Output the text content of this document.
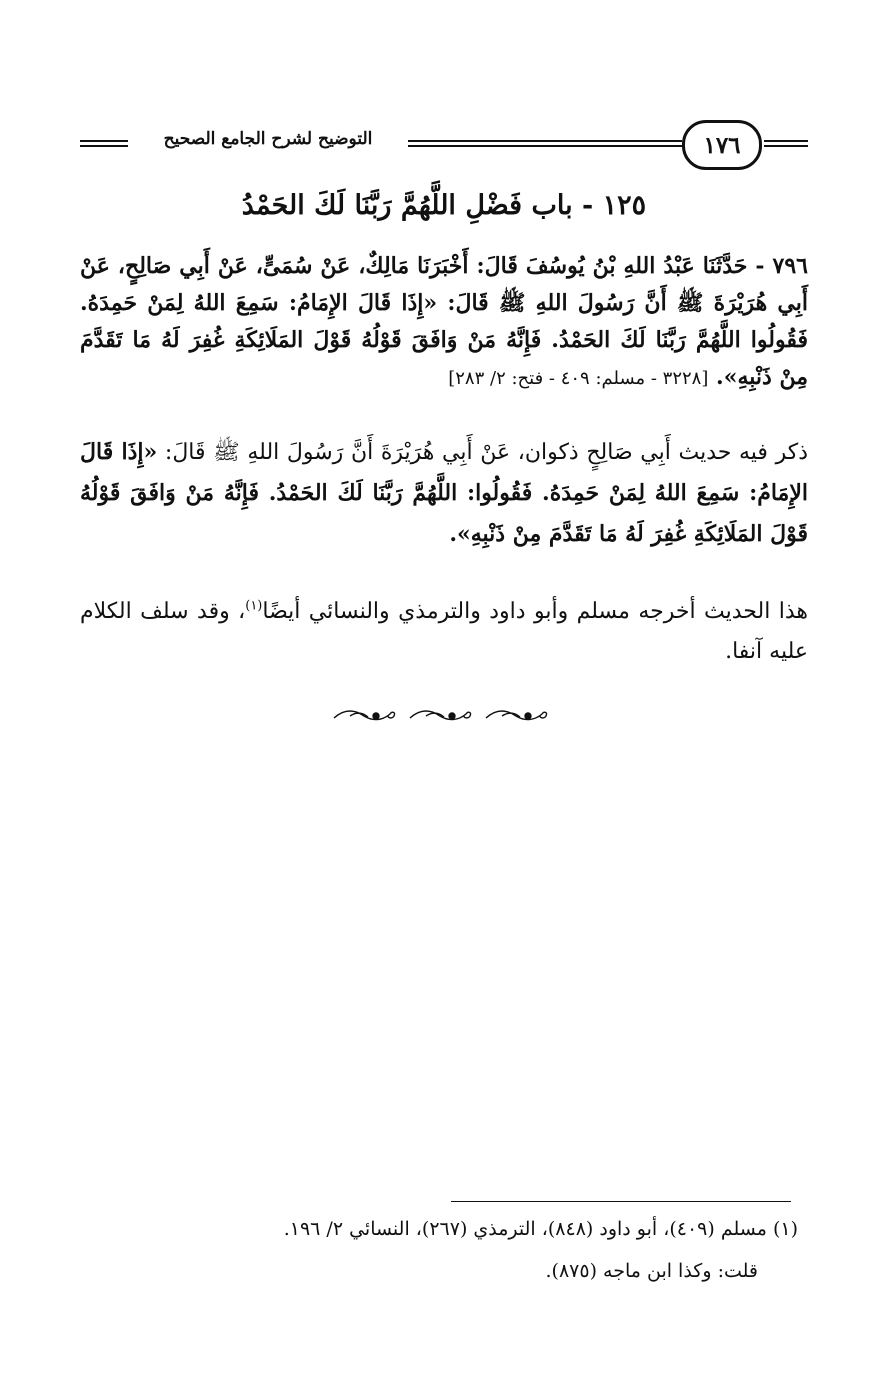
١٧٦
التوضيح لشرح الجامع الصحيح
١٢٥ - باب فَضْلِ اللَّهُمَّ رَبَّنَا لَكَ الحَمْدُ

٧٩٦ - حَدَّثَنَا عَبْدُ اللهِ بْنُ يُوسُفَ قَالَ: أَخْبَرَنَا مَالِكٌ، عَنْ سُمَىٍّ، عَنْ أَبِي صَالِحٍ، عَنْ أَبِي هُرَيْرَةَ ﷺ أَنَّ رَسُولَ اللهِ ﷺ قَالَ: «إِذَا قَالَ الإِمَامُ: سَمِعَ اللهُ لِمَنْ حَمِدَهُ. فَقُولُوا اللَّهُمَّ رَبَّنَا لَكَ الحَمْدُ. فَإِنَّهُ مَنْ وَافَقَ قَوْلُهُ قَوْلَ المَلَائِكَةِ غُفِرَ لَهُ مَا تَقَدَّمَ مِنْ ذَنْبِهِ». [٣٢٢٨ - مسلم: ٤٠٩ - فتح: ٢/ ٢٨٣]

ذكر فيه حديث أَبِي صَالِحٍ ذكوان، عَنْ أَبِي هُرَيْرَةَ أَنَّ رَسُولَ اللهِ ﷺ قَالَ: «إِذَا قَالَ الإِمَامُ: سَمِعَ اللهُ لِمَنْ حَمِدَهُ. فَقُولُوا: اللَّهُمَّ رَبَّنَا لَكَ الحَمْدُ. فَإِنَّهُ مَنْ وَافَقَ قَوْلُهُ قَوْلَ المَلَائِكَةِ غُفِرَ لَهُ مَا تَقَدَّمَ مِنْ ذَنْبِهِ».

هذا الحديث أخرجه مسلم وأبو داود والترمذي والنسائي أيضًا$^{(١)}$، وقد سلف الكلام عليه آنفا.

(١) مسلم (٤٠٩)، أبو داود (٨٤٨)، الترمذي (٢٦٧)، النسائي ٢/ ١٩٦.
قلت: وكذا ابن ماجه (٨٧٥).
